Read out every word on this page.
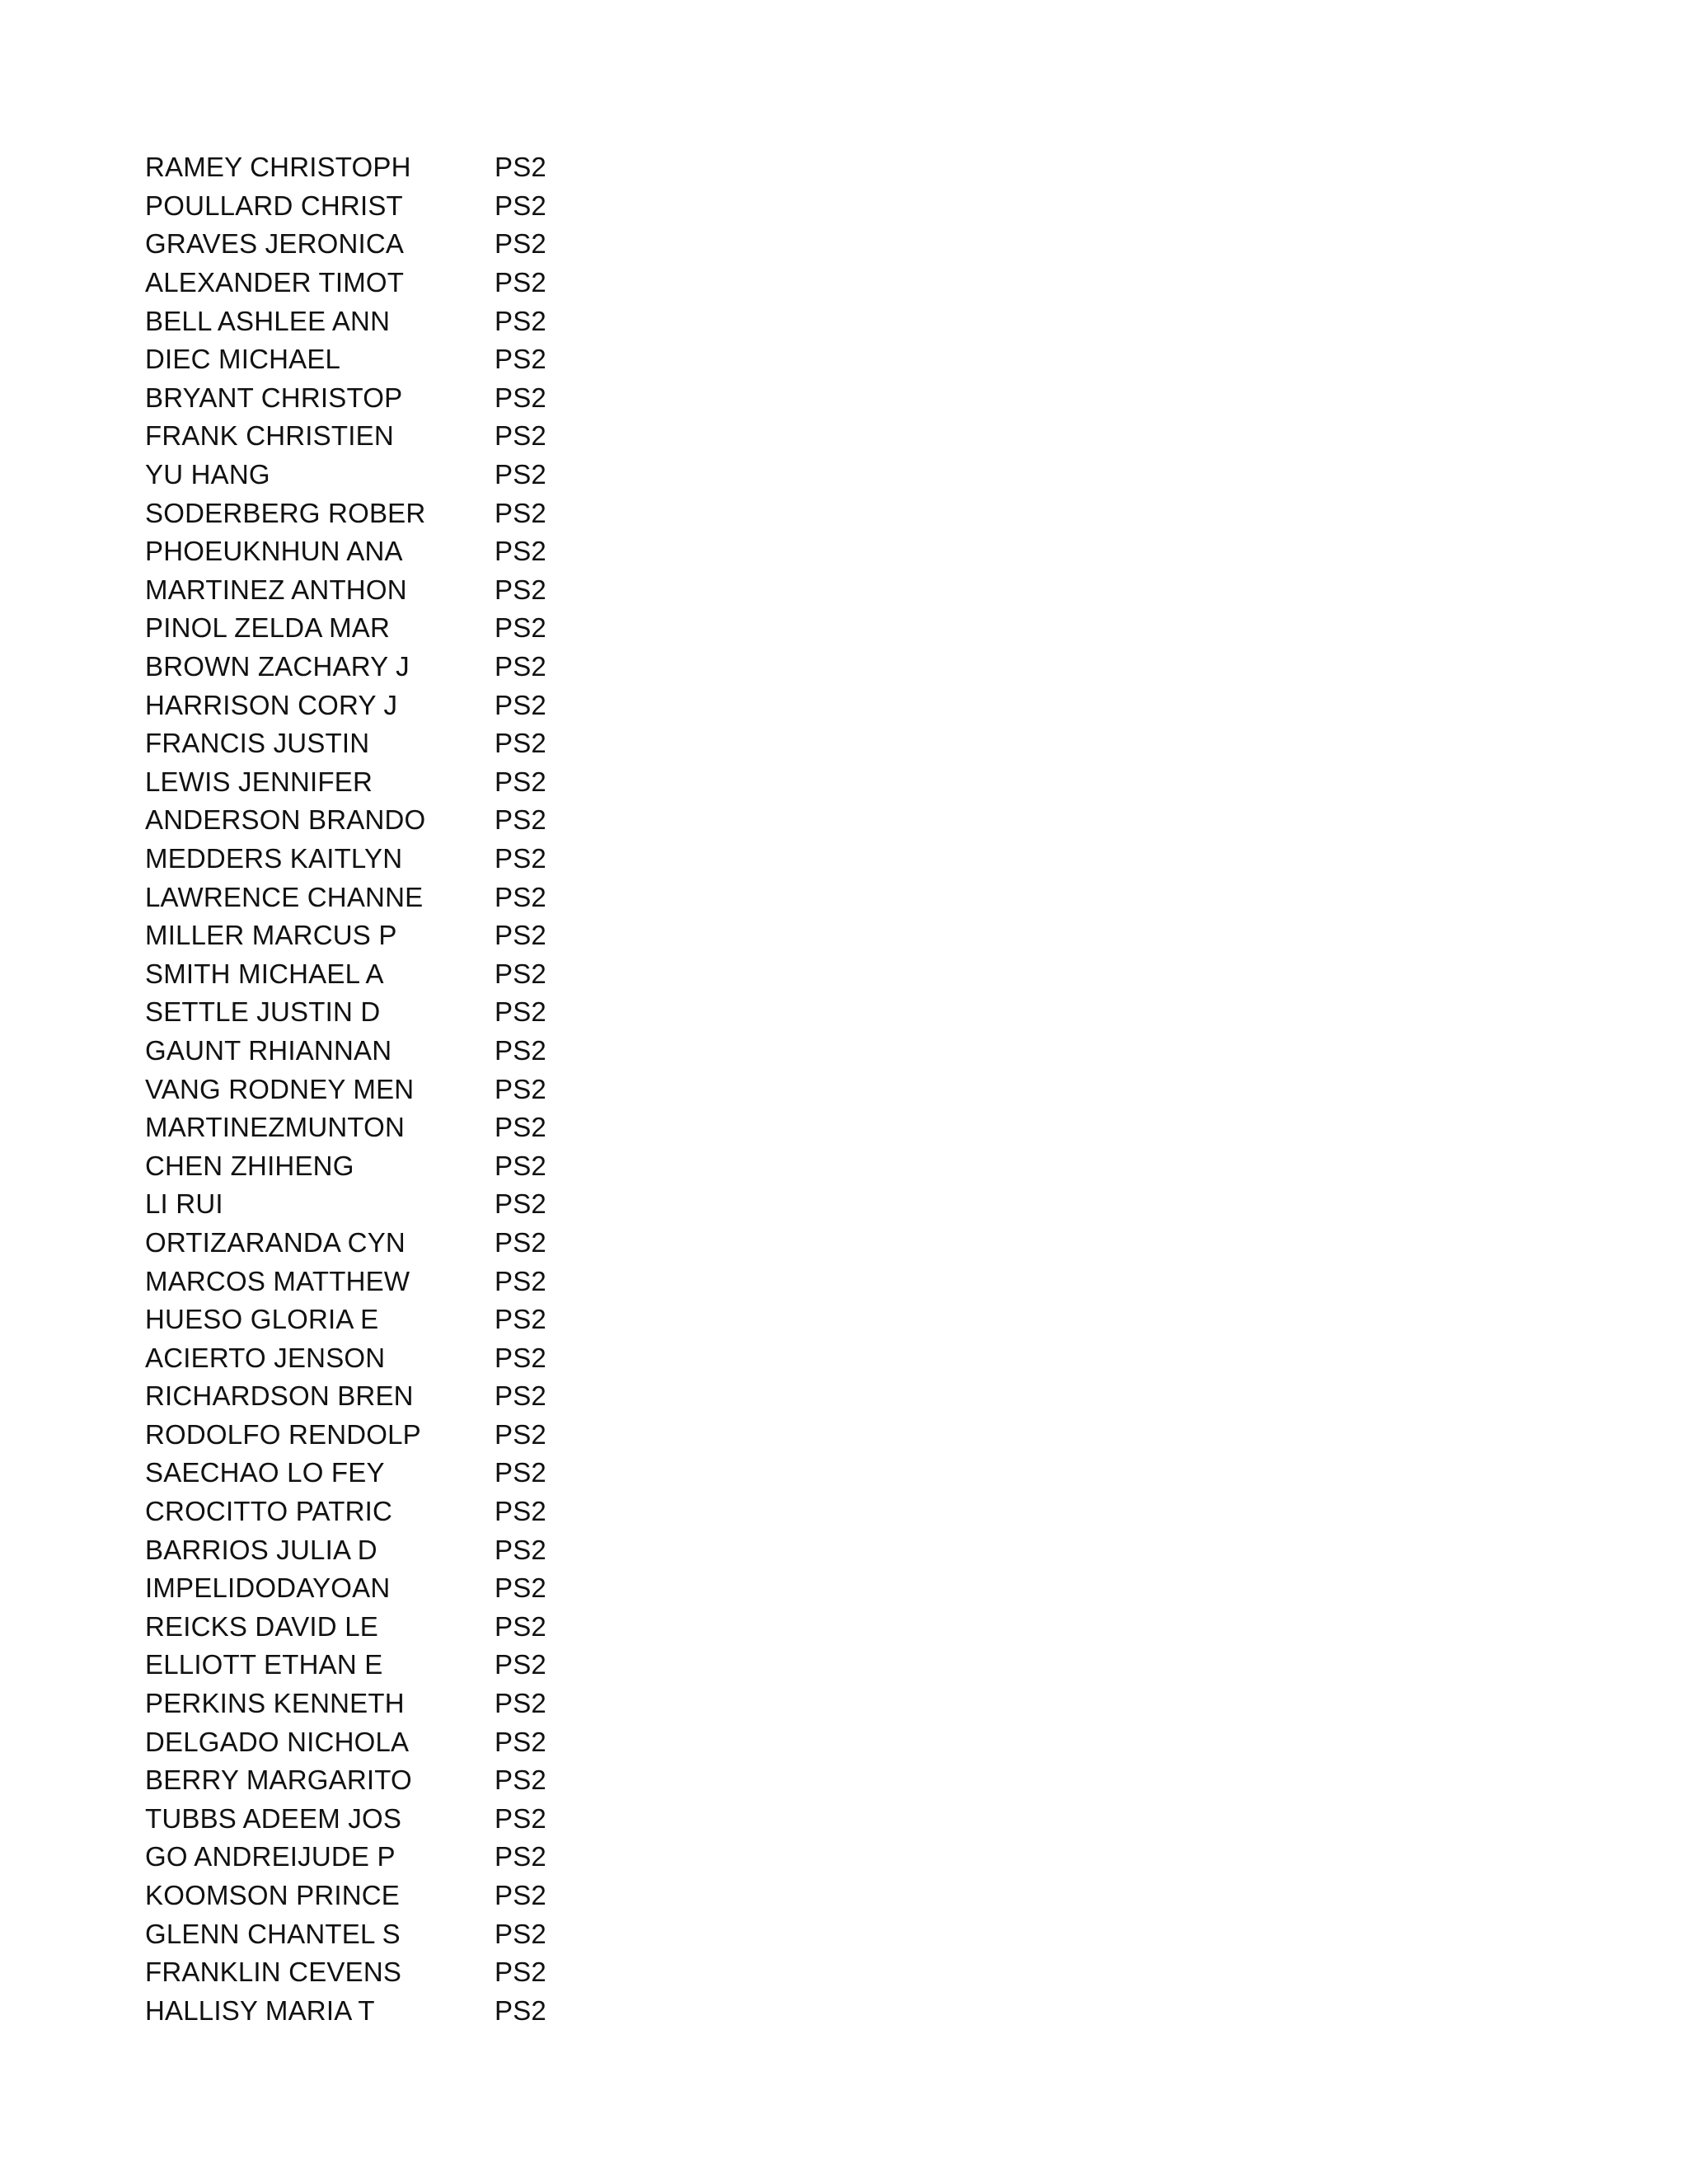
RAMEY CHRISTOPH	PS2
POULLARD CHRIST	PS2
GRAVES JERONICA	PS2
ALEXANDER TIMOT	PS2
BELL ASHLEE ANN	PS2
DIEC MICHAEL	PS2
BRYANT CHRISTOP	PS2
FRANK CHRISTIEN	PS2
YU HANG	PS2
SODERBERG ROBER	PS2
PHOEUKNHUN ANA	PS2
MARTINEZ ANTHON	PS2
PINOL ZELDA MAR	PS2
BROWN ZACHARY J	PS2
HARRISON CORY J	PS2
FRANCIS JUSTIN	PS2
LEWIS JENNIFER	PS2
ANDERSON BRANDO	PS2
MEDDERS KAITLYN	PS2
LAWRENCE CHANNE	PS2
MILLER MARCUS P	PS2
SMITH MICHAEL A	PS2
SETTLE JUSTIN D	PS2
GAUNT RHIANNAN	PS2
VANG RODNEY MEN	PS2
MARTINEZMUNTON	PS2
CHEN ZHIHENG	PS2
LI RUI	PS2
ORTIZARANDA CYN	PS2
MARCOS MATTHEW	PS2
HUESO GLORIA E	PS2
ACIERTO JENSON	PS2
RICHARDSON BREN	PS2
RODOLFO RENDOLP	PS2
SAECHAO LO FEY	PS2
CROCITTO PATRIC	PS2
BARRIOS JULIA D	PS2
IMPELIDODAYOAN	PS2
REICKS DAVID LE	PS2
ELLIOTT ETHAN E	PS2
PERKINS KENNETH	PS2
DELGADO NICHOLA	PS2
BERRY MARGARITO	PS2
TUBBS ADEEM JOS	PS2
GO ANDREIJUDE P	PS2
KOOMSON PRINCE	PS2
GLENN CHANTEL S	PS2
FRANKLIN CEVENS	PS2
HALLISY MARIA T	PS2
